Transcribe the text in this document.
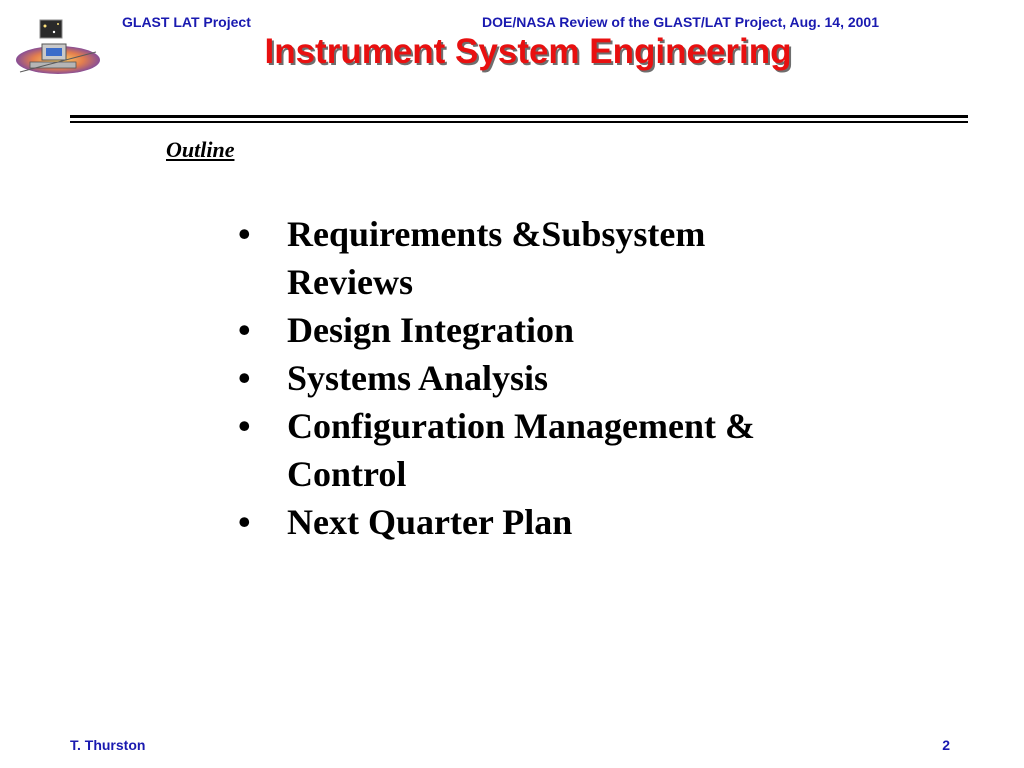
GLAST LAT Project	DOE/NASA Review of the GLAST/LAT Project, Aug. 14, 2001
Instrument System Engineering
Outline
• Requirements &Subsystem Reviews
• Design Integration
• Systems Analysis
• Configuration Management & Control
• Next Quarter Plan
T. Thurston	2
